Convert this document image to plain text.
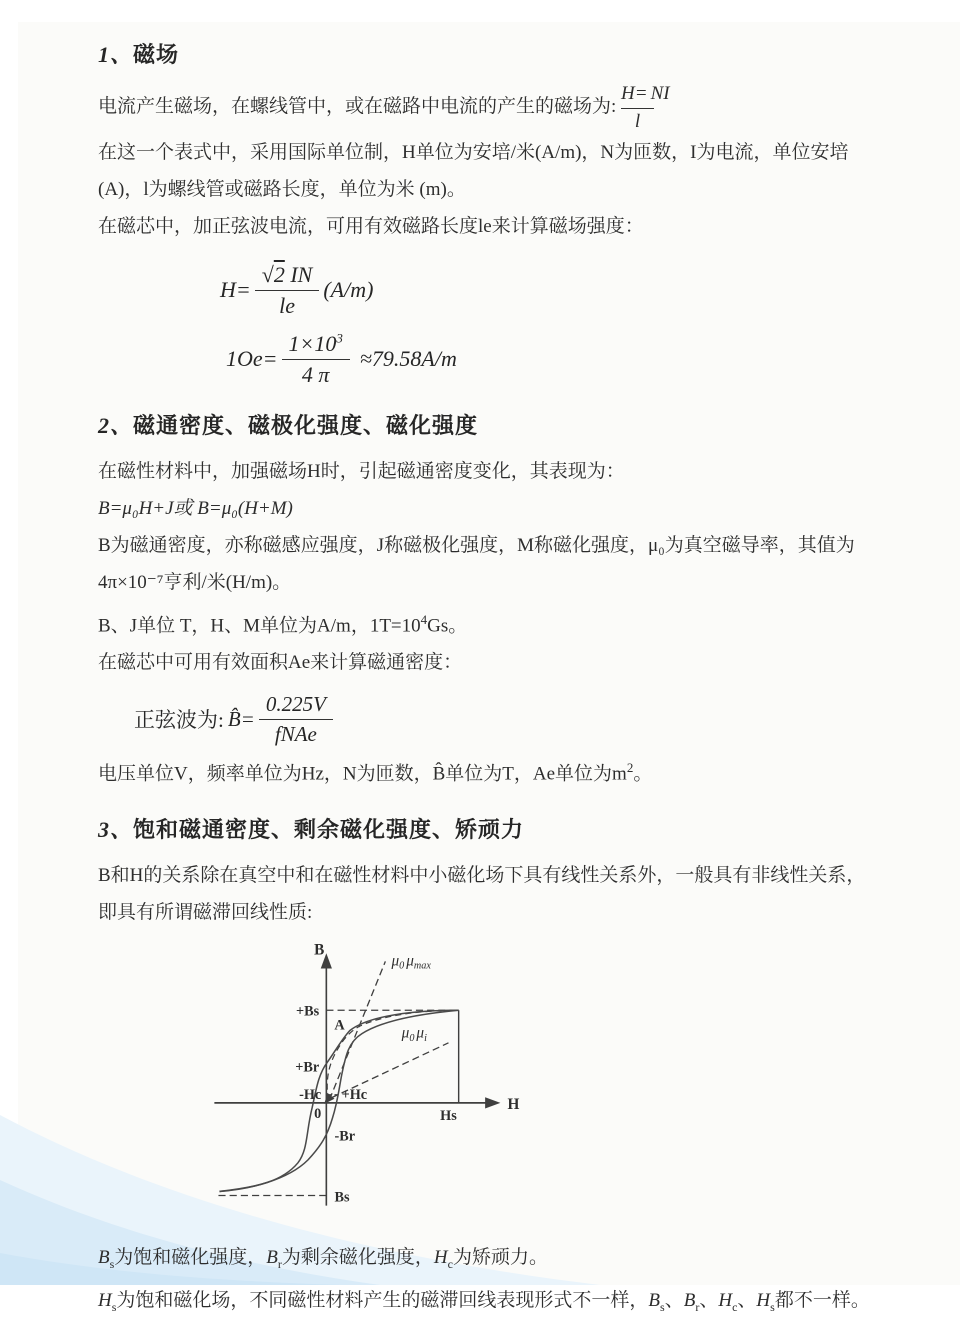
1、磁场

电流产生磁场，在螺线管中，或在磁路中电流的产生的磁场为:
H= NI
l

在这一个表式中，采用国际单位制，H单位为安培/米(A/m)，N为匝数，I为电流，单位安培

(A)，l为螺线管或磁路长度，单位为米 (m)。

在磁芯中，加正弦波电流，可用有效磁路长度le来计算磁场强度：

$H= \frac{√2 IN}{le} (A/m)$
$1Oe= \frac{1\times 10^3}{4 \pi} \approx 79.58A/m$
2、磁通密度、磁极化强度、磁化强度

在磁性材料中，加强磁场H时，引起磁通密度变化，其表现为：

B=μ₀H+J或 B=μ₀(H+M)

B为磁通密度，亦称磁感应强度，J称磁极化强度，M称磁化强度，μ₀为真空磁导率，其值为

4π×10⁻⁷亨利/米(H/m)。

B、J单位 T，H、M单位为A/m，$1T=10^4Gs$。

在磁芯中可用有效面积Ae来计算磁通密度：

正弦波为: B̂= $\frac{0.225V}{\text{fNAe}}$

电压单位V，频率单位为Hz，N为匝数，B̂单位为T，Ae单位为$m^2$。

3、饱和磁通密度、剩余磁化强度、矫顽力

B和H的关系除在真空中和在磁性材料中小磁化场下具有线性关系外，一般具有非线性关系，

即具有所谓磁滞回线性质:

B
H
+Bs
+Br
-Hc +Hc
0
-Br
Bs
Hs
A
$\mu_0$ $\mu_{max}$
$\mu_0$ $\mu_i$

$B_s$为饱和磁化强度，$B_r$为剩余磁化强度，$H_c$为矫顽力。

$H_s$为饱和磁化场，不同磁性材料产生的磁滞回线表现形式不一样，$B_s$、$B_r$、$H_c$、$H_s$都不一样。
